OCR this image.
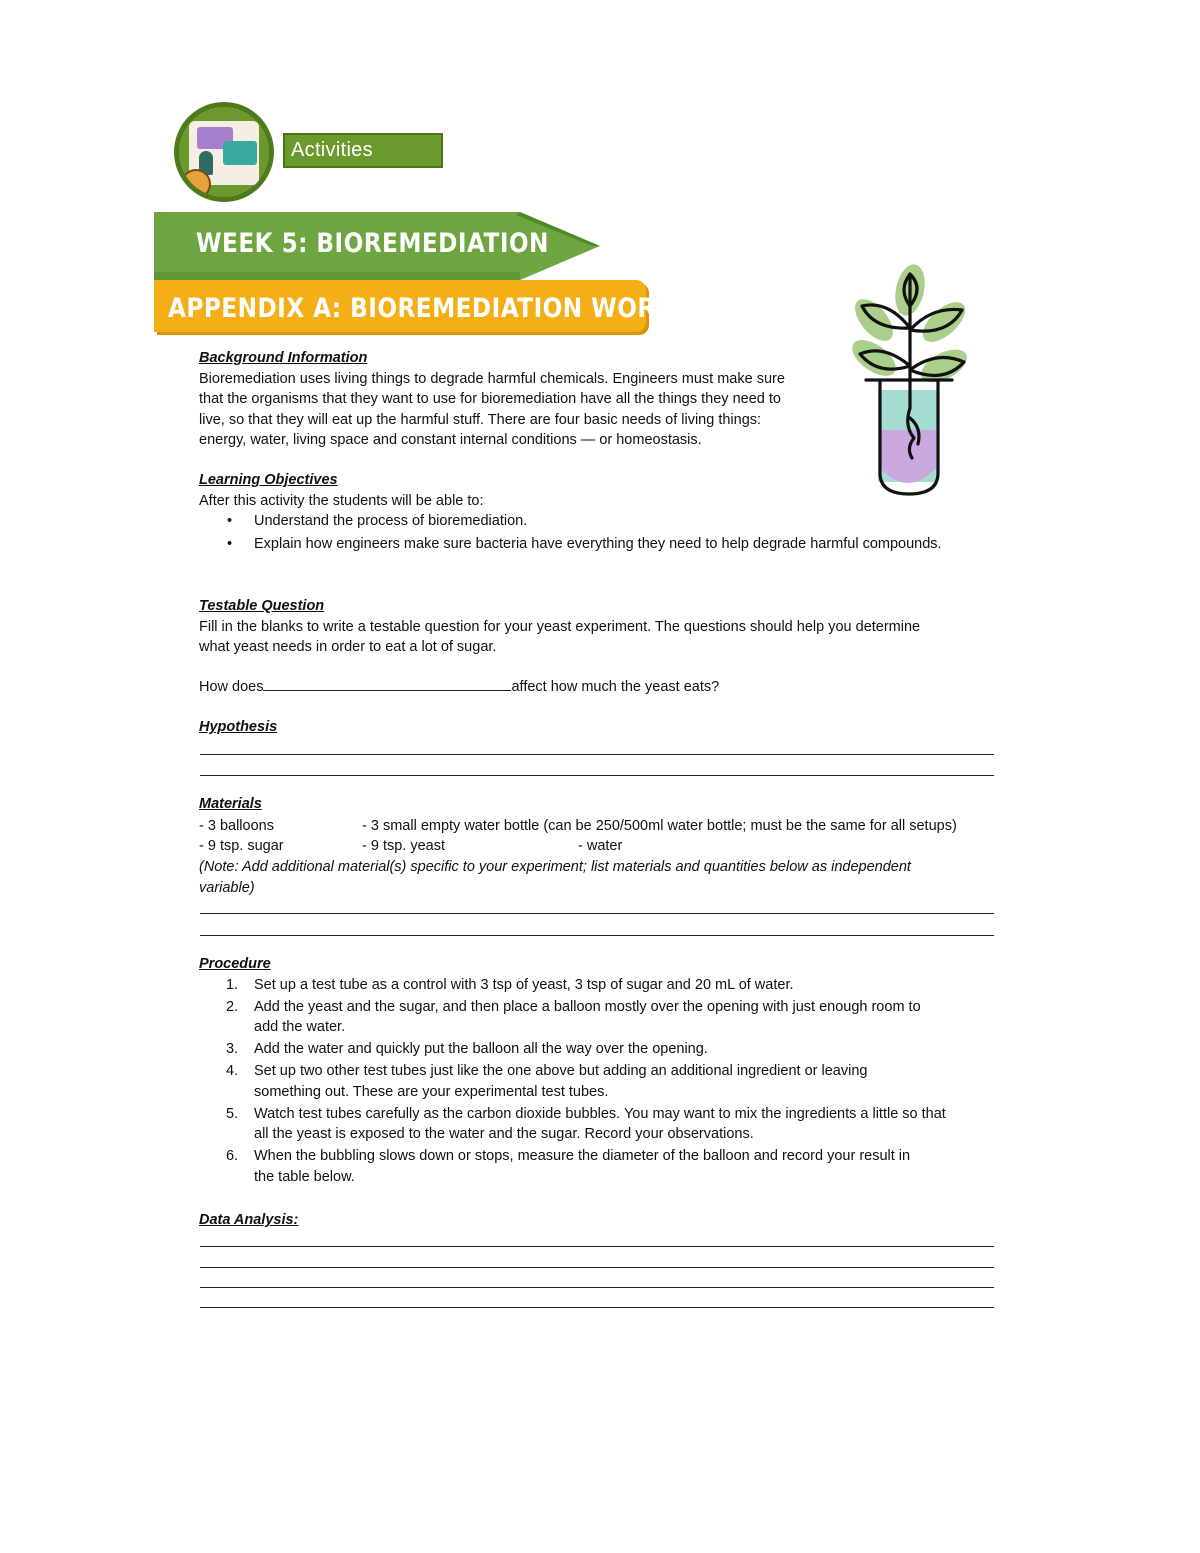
Activities Archive
WEEK 5: BIOREMEDIATION
APPENDIX A: BIOREMEDIATION WORKSHEET
Background Information
Bioremediation uses living things to degrade harmful chemicals. Engineers must make sure
that the organisms that they want to use for bioremediation have all the things they need to
live, so that they will eat up the harmful stuff. There are four basic needs of living things:
energy, water, living space and constant internal conditions — or homeostasis.
Learning Objectives
After this activity the students will be able to:
• Understand the process of bioremediation.
• Explain how engineers make sure bacteria have everything they need to help degrade harmful compounds.
Testable Question
Fill in the blanks to write a testable question for your yeast experiment. The questions should help you determine
what yeast needs in order to eat a lot of sugar.
How does	affect how much the yeast eats?
Hypothesis
Materials
- 3 balloons	- 3 small empty water bottle (can be 250/500ml water bottle; must be the same for all setups)
- 9 tsp. sugar	- 9 tsp. yeast	- water
(Note: Add additional material(s) specific to your experiment; list materials and quantities below as independent
variable)
Procedure
1. Set up a test tube as a control with 3 tsp of yeast, 3 tsp of sugar and 20 mL of water.
2. Add the yeast and the sugar, and then place a balloon mostly over the opening with just enough room to
add the water.
3. Add the water and quickly put the balloon all the way over the opening.
4. Set up two other test tubes just like the one above but adding an additional ingredient or leaving
something out. These are your experimental test tubes.
5. Watch test tubes carefully as the carbon dioxide bubbles. You may want to mix the ingredients a little so that
all the yeast is exposed to the water and the sugar. Record your observations.
6. When the bubbling slows down or stops, measure the diameter of the balloon and record your result in
the table below.
Data Analysis:
